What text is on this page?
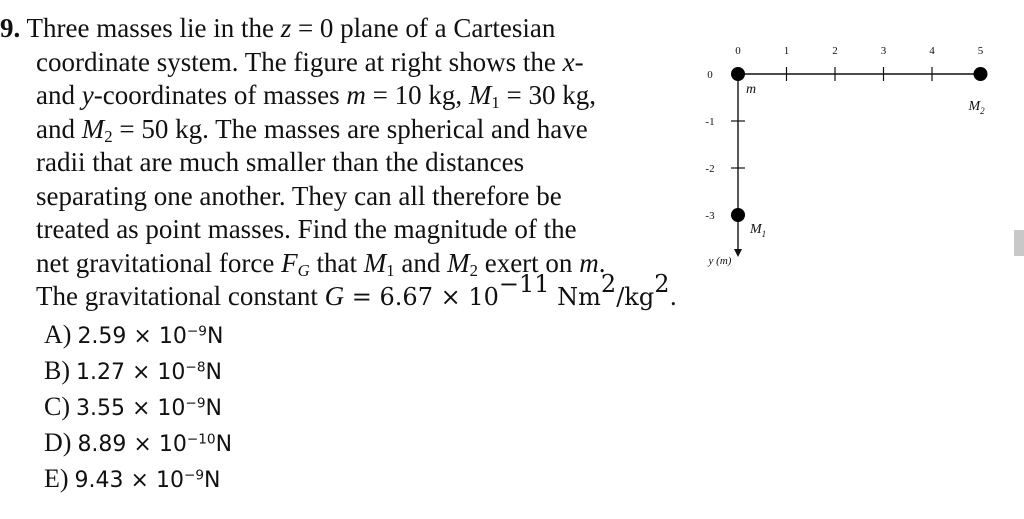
9. Three masses lie in the z = 0 plane of a Cartesian
coordinate system. The figure at right shows the x-
and y-coordinates of masses m = 10 kg, $M_1 = 30$ kg,
and $M_2 = 50$ kg. The masses are spherical and have
radii that are much smaller than the distances
separating one another. They can all therefore be
treated as point masses. Find the magnitude of the
net gravitational force $F_G$ that $M_1$ and $M_2$ exert on m.
The gravitational constant $G = 6.67 \times 10^{-11}$ $Nm^2/kg^2$.
A) $2.59 \times 10^{-9}N$
B) $1.27 \times 10^{-8}N$
C) $3.55 \times 10^{-9}N$
D) $8.89 \times 10^{-10}N$
E) $9.43 \times 10^{-9}N$
0	1	2	3	4	5
0
-1
-2
-3
y (m)
m
$M_1$
$M_2$
